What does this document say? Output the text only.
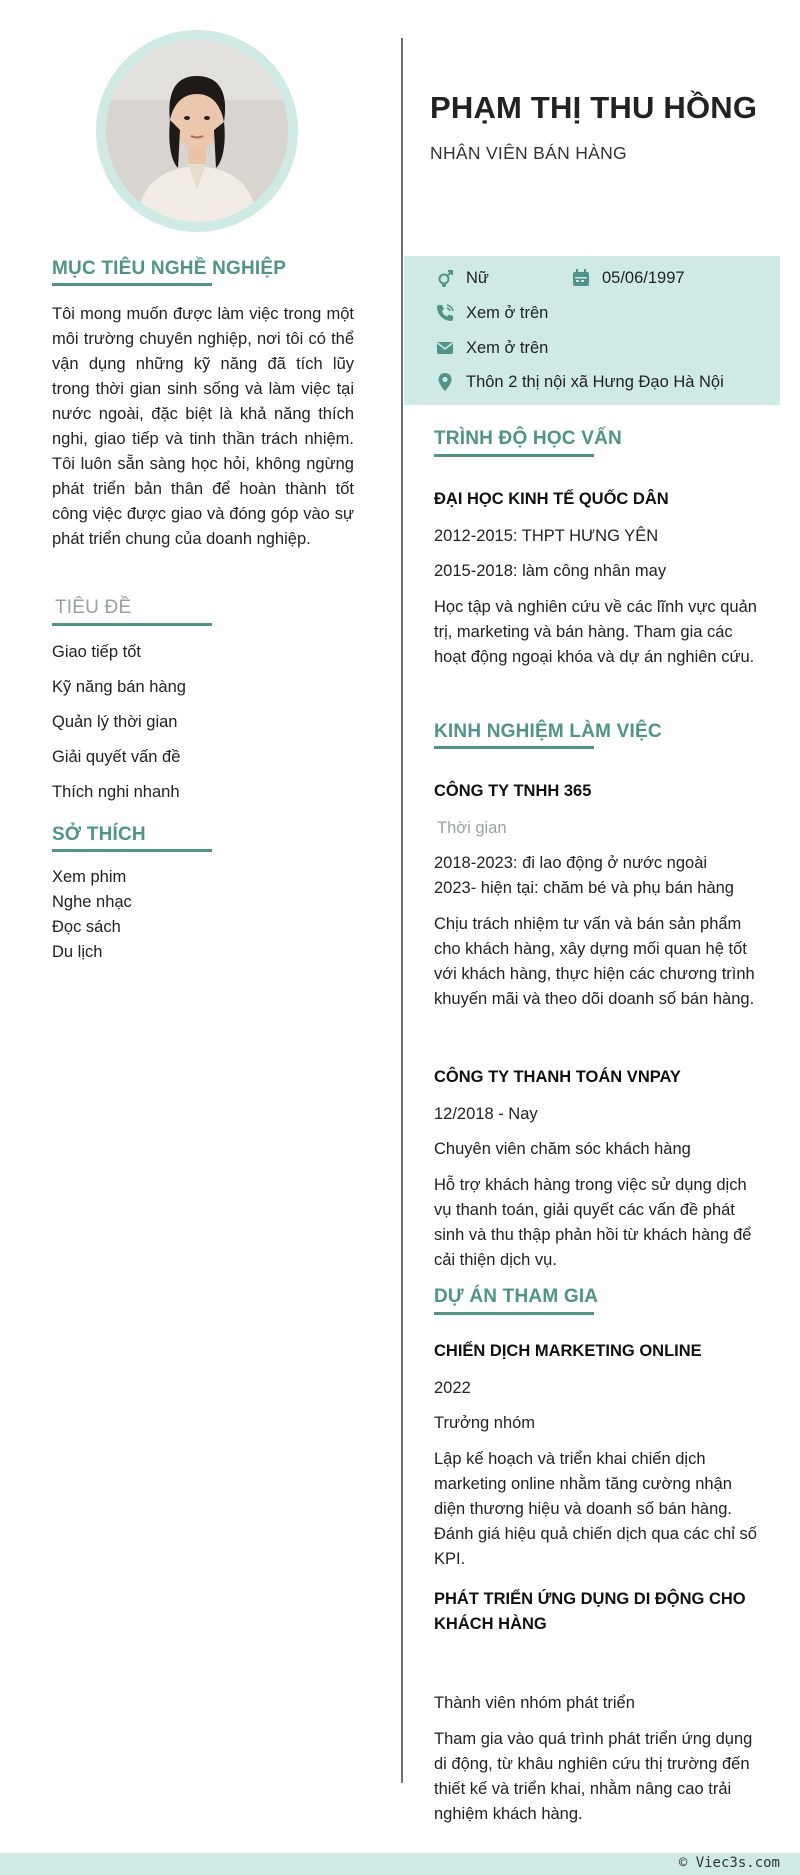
MỤC TIÊU NGHỀ NGHIỆP
Tôi mong muốn được làm việc trong một môi trường chuyên nghiệp, nơi tôi có thể vận dụng những kỹ năng đã tích lũy trong thời gian sinh sống và làm việc tại nước ngoài, đặc biệt là khả năng thích nghi, giao tiếp và tinh thần trách nhiệm. Tôi luôn sẵn sàng học hỏi, không ngừng phát triển bản thân để hoàn thành tốt công việc được giao và đóng góp vào sự phát triển chung của doanh nghiệp.
TIÊU ĐỀ
Giao tiếp tốt
Kỹ năng bán hàng
Quản lý thời gian
Giải quyết vấn đề
Thích nghi nhanh
SỞ THÍCH
Xem phim
Nghe nhạc
Đọc sách
Du lịch
PHẠM THỊ THU HỒNG
NHÂN VIÊN BÁN HÀNG
Nữ	05/06/1997
Xem ở trên
Xem ở trên
Thôn 2 thị nội xã Hưng Đạo Hà Nội
TRÌNH ĐỘ HỌC VẤN
ĐẠI HỌC KINH TẾ QUỐC DÂN
2012-2015: THPT HƯNG YÊN
2015-2018: làm công nhân may
Học tập và nghiên cứu về các lĩnh vực quản trị, marketing và bán hàng. Tham gia các hoạt động ngoại khóa và dự án nghiên cứu.
KINH NGHIỆM LÀM VIỆC
CÔNG TY TNHH 365
Thời gian
2018-2023: đi lao động ở nước ngoài
2023- hiện tại: chăm bé và phụ bán hàng
Chịu trách nhiệm tư vấn và bán sản phẩm cho khách hàng, xây dựng mối quan hệ tốt với khách hàng, thực hiện các chương trình khuyến mãi và theo dõi doanh số bán hàng.
CÔNG TY THANH TOÁN VNPAY
12/2018 - Nay
Chuyên viên chăm sóc khách hàng
Hỗ trợ khách hàng trong việc sử dụng dịch vụ thanh toán, giải quyết các vấn đề phát sinh và thu thập phản hồi từ khách hàng để cải thiện dịch vụ.
DỰ ÁN THAM GIA
CHIẾN DỊCH MARKETING ONLINE
2022
Trưởng nhóm
Lập kế hoạch và triển khai chiến dịch marketing online nhằm tăng cường nhận diện thương hiệu và doanh số bán hàng. Đánh giá hiệu quả chiến dịch qua các chỉ số KPI.
PHÁT TRIỂN ỨNG DỤNG DI ĐỘNG CHO KHÁCH HÀNG
Thành viên nhóm phát triển
Tham gia vào quá trình phát triển ứng dụng di động, từ khâu nghiên cứu thị trường đến thiết kế và triển khai, nhằm nâng cao trải nghiệm khách hàng.
© Viec3s.com
